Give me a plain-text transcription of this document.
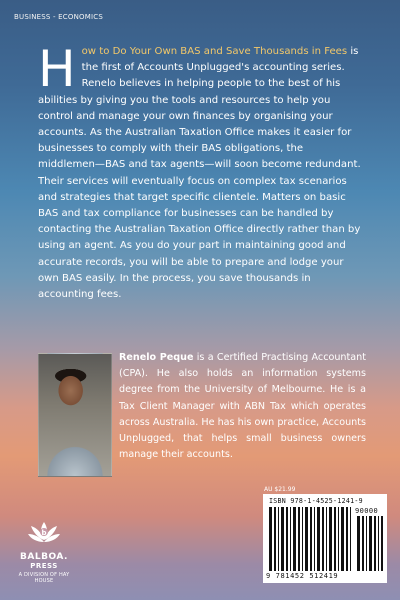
BUSINESS - ECONOMICS
H ow to Do Your Own BAS and Save Thousands in Fees is the first of Accounts Unplugged's accounting series. Renelo believes in helping people to the best of his abilities by giving you the tools and resources to help you control and manage your own finances by organising your accounts. As the Australian Taxation Office makes it easier for businesses to comply with their BAS obligations, the middlemen—BAS and tax agents—will soon become redundant. Their services will eventually focus on complex tax scenarios and strategies that target specific clientele. Matters on basic BAS and tax compliance for businesses can be handled by contacting the Australian Taxation Office directly rather than by using an agent. As you do your part in maintaining good and accurate records, you will be able to prepare and lodge your own BAS easily. In the process, you save thousands in accounting fees.
Renelo Peque is a Certified Practising Accountant (CPA). He also holds an information systems degree from the University of Melbourne. He is a Tax Client Manager with ABN Tax which operates across Australia. He has his own practice, Accounts Unplugged, that helps small business owners manage their accounts.
b
BALBOA.
PRESS
A DIVISION OF HAY HOUSE
AU $21.99
ISBN 978-1-4525-1241-9
90000
9 781452 512419
